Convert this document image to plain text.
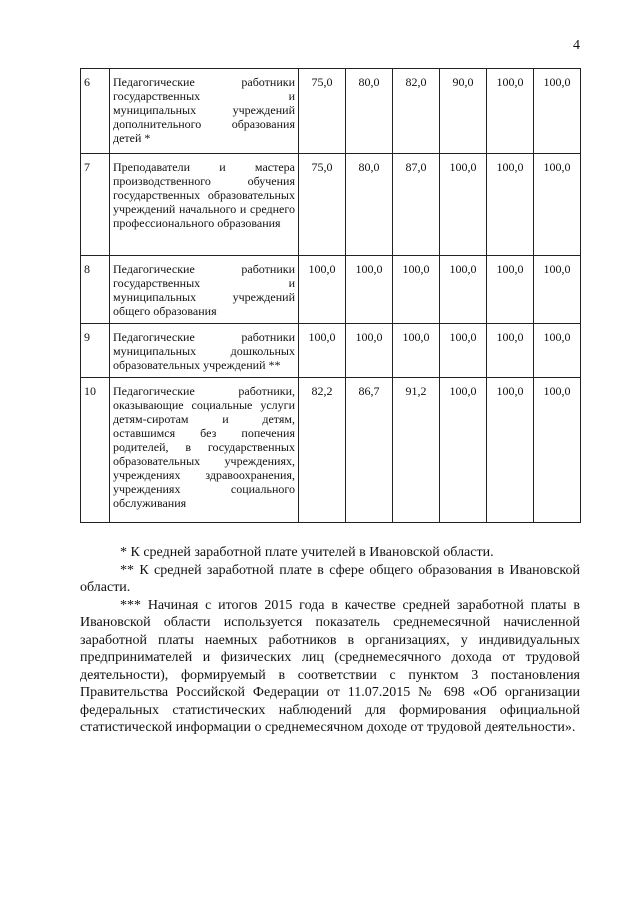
4
6	Педагогические работники государственных и муниципальных учреждений дополнительного образования детей *	75,0	80,0	82,0	90,0	100,0	100,0
7	Преподаватели и мастера производственного обучения государственных образовательных учреждений начального и среднего профессионального образования	75,0	80,0	87,0	100,0	100,0	100,0
8	Педагогические работники государственных и муниципальных учреждений общего образования	100,0	100,0	100,0	100,0	100,0	100,0
9	Педагогические работники муниципальных дошкольных образовательных учреждений **	100,0	100,0	100,0	100,0	100,0	100,0
10	Педагогические работники, оказывающие социальные услуги детям-сиротам и детям, оставшимся без попечения родителей, в государственных образовательных учреждениях, учреждениях здравоохранения, учреждениях социального обслуживания	82,2	86,7	91,2	100,0	100,0	100,0

* К средней заработной плате учителей в Ивановской области.

** К средней заработной плате в сфере общего образования в Ивановской области.

*** Начиная с итогов 2015 года в качестве средней заработной платы в Ивановской области используется показатель среднемесячной начисленной заработной платы наемных работников в организациях, у индивидуальных предпринимателей и физических лиц (среднемесячного дохода от трудовой деятельности), формируемый в соответствии с пунктом 3 постановления Правительства Российской Федерации от 11.07.2015 № 698 «Об организации федеральных статистических наблюдений для формирования официальной статистической информации о среднемесячном доходе от трудовой деятельности».
